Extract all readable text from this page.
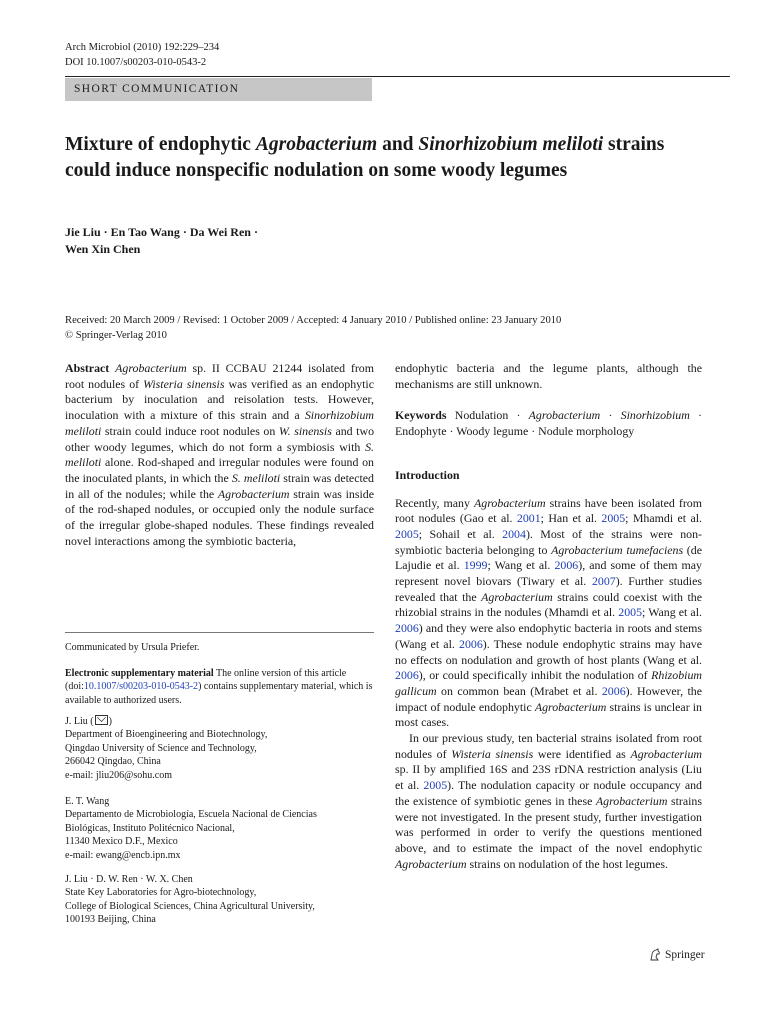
Arch Microbiol (2010) 192:229–234
DOI 10.1007/s00203-010-0543-2
SHORT COMMUNICATION
Mixture of endophytic Agrobacterium and Sinorhizobium meliloti strains could induce nonspecific nodulation on some woody legumes
Jie Liu · En Tao Wang · Da Wei Ren ·
Wen Xin Chen
Received: 20 March 2009 / Revised: 1 October 2009 / Accepted: 4 January 2010 / Published online: 23 January 2010
© Springer-Verlag 2010

Abstract Agrobacterium sp. II CCBAU 21244 isolated from root nodules of Wisteria sinensis was verified as an endophytic bacterium by inoculation and reisolation tests. However, inoculation with a mixture of this strain and a Sinorhizobium meliloti strain could induce root nodules on W. sinensis and two other woody legumes, which do not form a symbiosis with S. meliloti alone. Rod-shaped and irregular nodules were found on the inoculated plants, in which the S. meliloti strain was detected in all of the nodules; while the Agrobacterium strain was inside of the rod-shaped nodules, or occupied only the nodule surface of the irregular globe-shaped nodules. These findings revealed novel interactions among the symbiotic bacteria,

Communicated by Ursula Priefer.

Electronic supplementary material The online version of this article (doi:10.1007/s00203-010-0543-2) contains supplementary material, which is available to authorized users.

J. Liu ( )

Department of Bioengineering and Biotechnology,

Qingdao University of Science and Technology,

266042 Qingdao, China

e-mail: jliu206@sohu.com

E. T. Wang

Departamento de Microbiología, Escuela Nacional de Ciencias

Biológicas, Instituto Politécnico Nacional,

11340 Mexico D.F., Mexico

e-mail: ewang@encb.ipn.mx

J. Liu · D. W. Ren · W. X. Chen

State Key Laboratories for Agro-biotechnology,

College of Biological Sciences, China Agricultural University,

100193 Beijing, China

endophytic bacteria and the legume plants, although the mechanisms are still unknown.

Keywords Nodulation · Agrobacterium · Sinorhizobium · Endophyte · Woody legume · Nodule morphology

Introduction

Recently, many Agrobacterium strains have been isolated from root nodules (Gao et al. 2001; Han et al. 2005; Mhamdi et al. 2005; Sohail et al. 2004). Most of the strains were non-symbiotic bacteria belonging to Agrobacterium tumefaciens (de Lajudie et al. 1999; Wang et al. 2006), and some of them may represent novel biovars (Tiwary et al. 2007). Further studies revealed that the Agrobacterium strains could coexist with the rhizobial strains in the nodules (Mhamdi et al. 2005; Wang et al. 2006) and they were also endophytic bacteria in roots and stems (Wang et al. 2006). These nodule endophytic strains may have no effects on nodulation and growth of host plants (Wang et al. 2006), or could specifically inhibit the nodulation of Rhizobium gallicum on common bean (Mrabet et al. 2006). However, the impact of nodule endophytic Agrobacterium strains is unclear in most cases.

In our previous study, ten bacterial strains isolated from root nodules of Wisteria sinensis were identified as Agrobacterium sp. II by amplified 16S and 23S rDNA restriction analysis (Liu et al. 2005). The nodulation capacity or nodule occupancy and the existence of symbiotic genes in these Agrobacterium strains were not investigated. In the present study, further investigation was performed in order to verify the questions mentioned above, and to estimate the impact of the novel endophytic Agrobacterium strains on nodulation of the host legumes.

Springer
